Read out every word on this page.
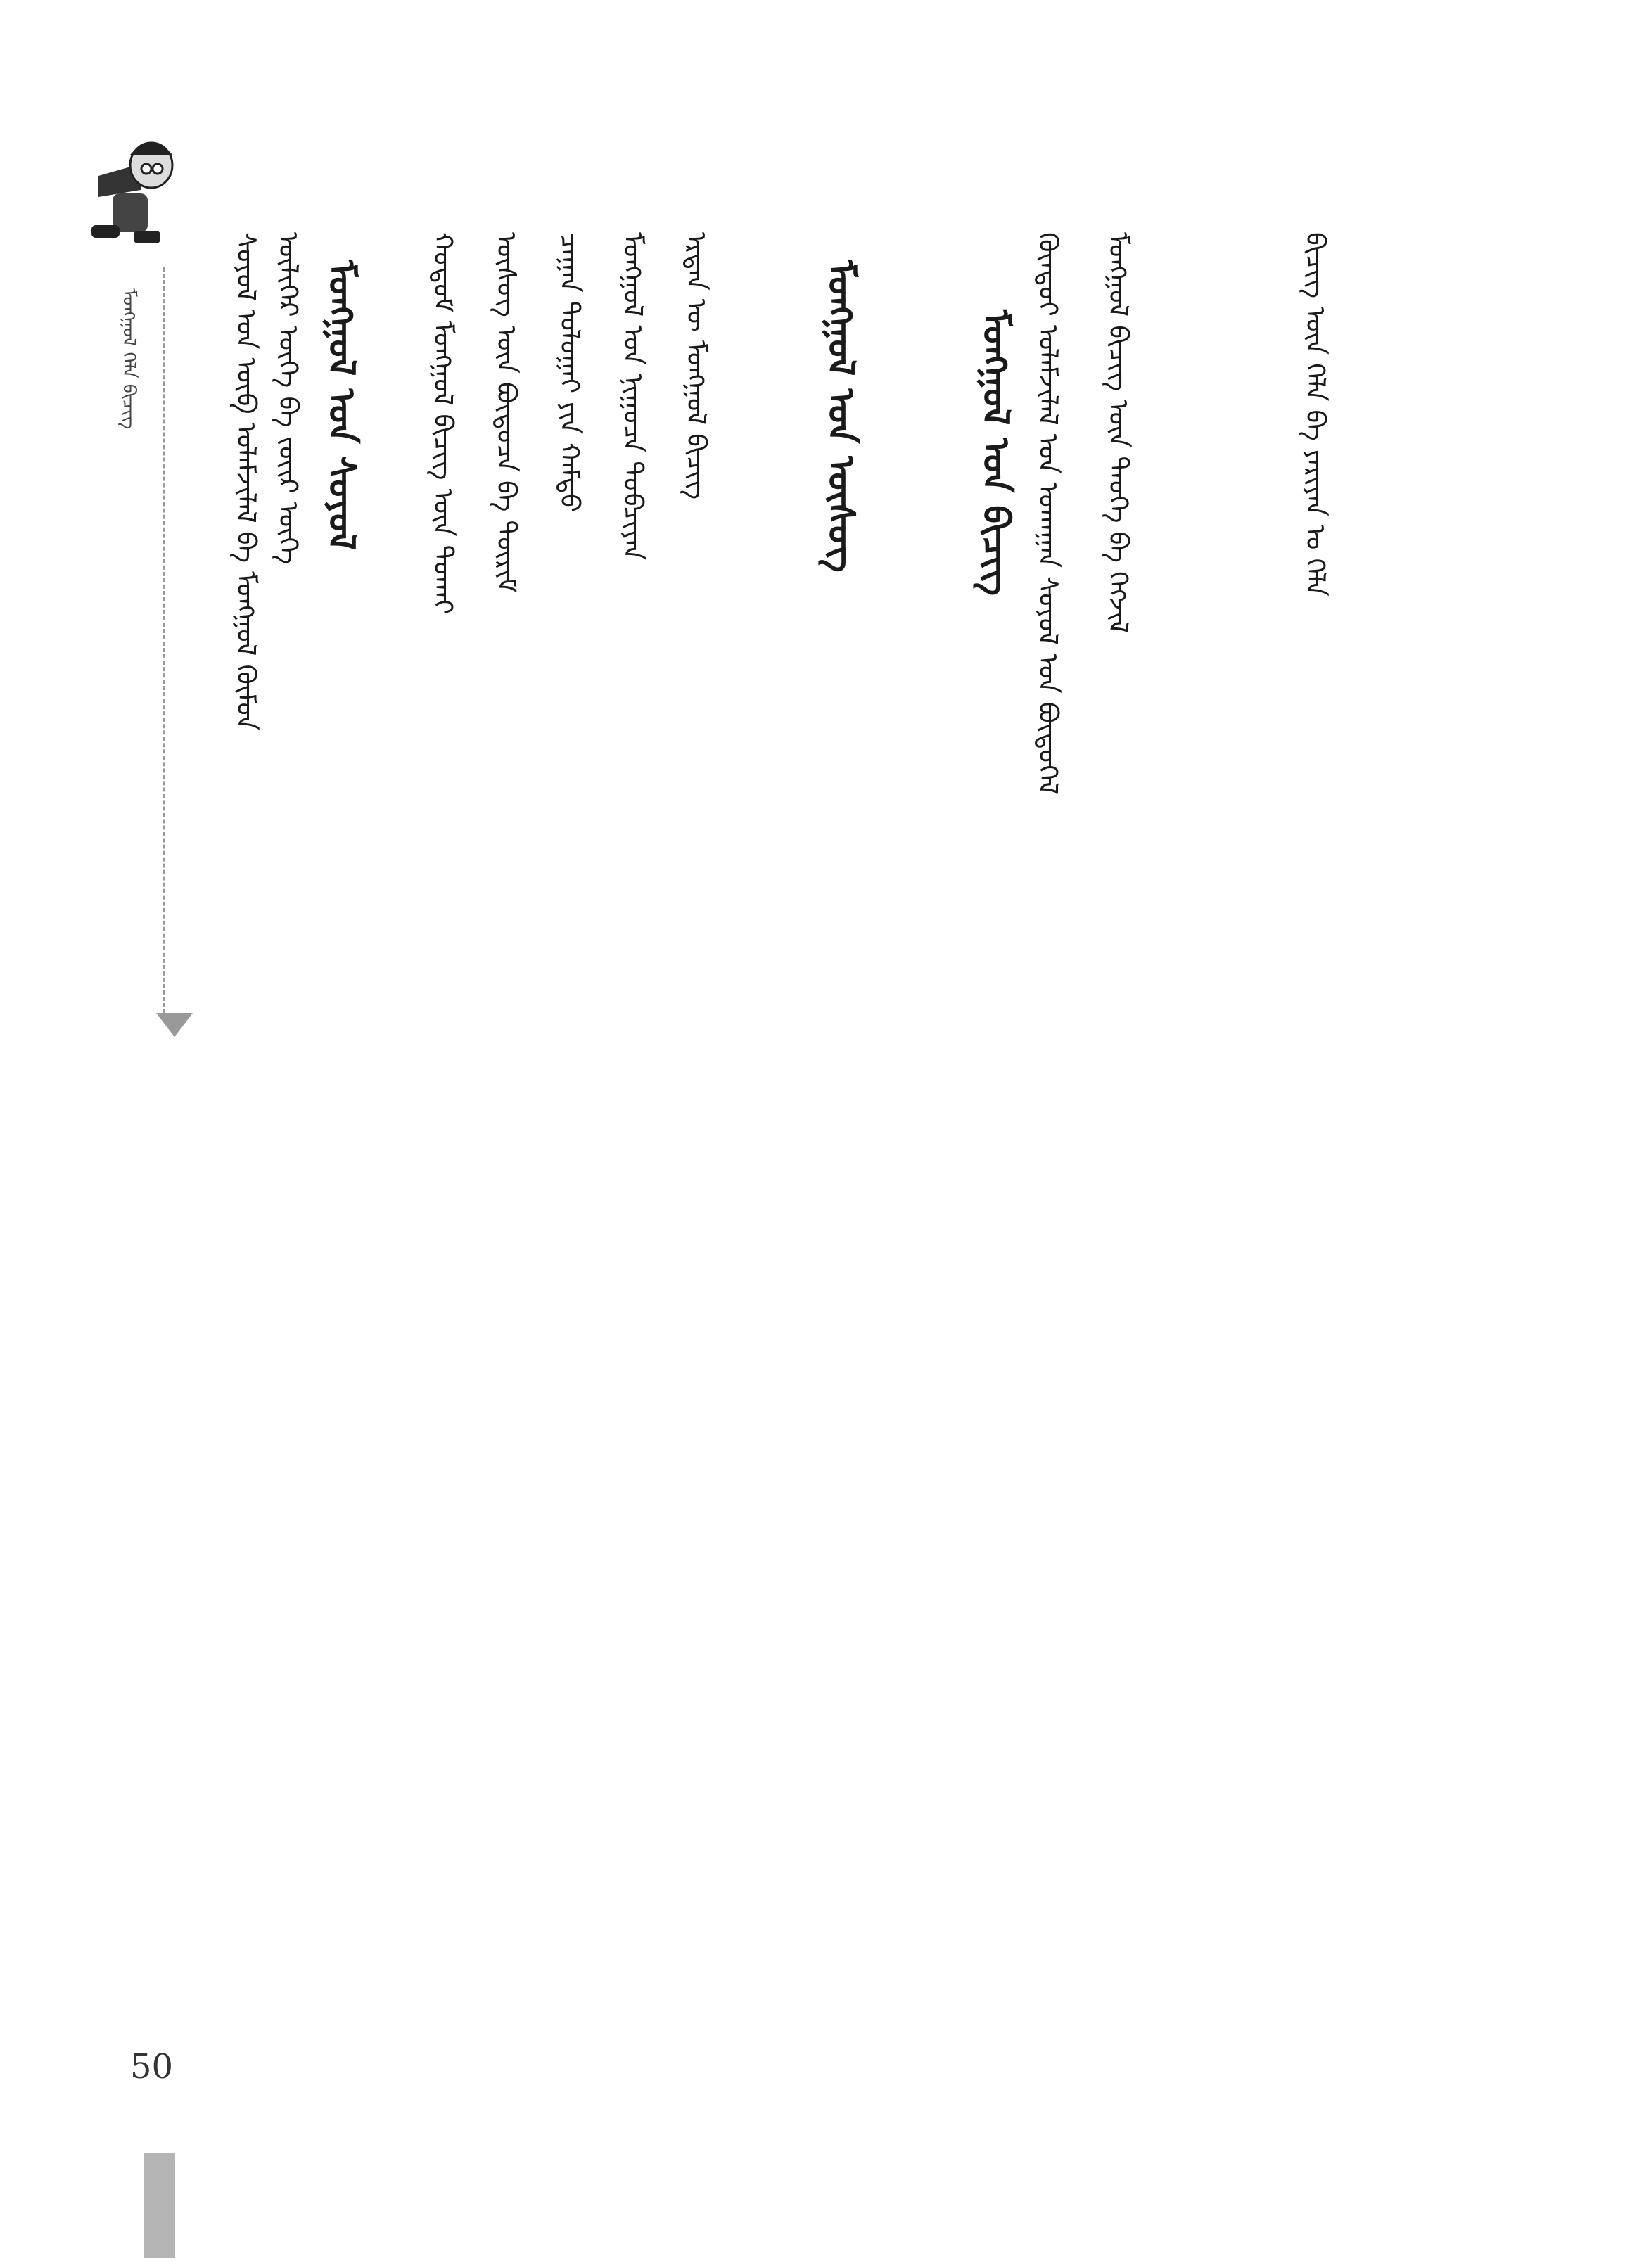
ᠮᠣᠩᠭᠣᠯ ᠬᠡᠯᠡ ᠪᠢᠴᠢᠭ	ᠮᠣᠩᠭᠣᠯ ᠤᠨ ᠰᠣᠶᠣᠯ
ᠰᠣᠶᠣᠯ ᠤᠨ ᠦᠪ ᠤᠯᠠᠮᠵᠢᠯᠠᠯ ᠪᠠ ᠮᠣᠩᠭᠣᠯ ᠬᠦᠮᠦᠨ ᠦᠯᠢᠭᠡᠷ ᠦᠭᠡ ᠪᠠ ᠵᠦᠢᠷ ᠦᠭᠡ	ᠮᠣᠩᠭᠣᠯ ᠤᠨ ᠦᠰᠦᠭ
ᠬᠤᠳᠤᠮ ᠮᠣᠩᠭᠣᠯ ᠪᠢᠴᠢᠭ ᠦᠨ ᠲᠤᠬᠠᠢ ᠦᠰᠦᠭ ᠦᠨ ᠪᠦᠲᠦᠴᠡ ᠪᠠ ᠳᠦᠷᠢᠮ ᠴᠠᠭᠠᠨ ᠲᠤᠯᠤᠭᠠᠢ ᠶᠢᠨ ᠬᠠᠮᠳᠤ ᠮᠣᠩᠭᠣᠯ ᠤᠨ ᠨᠢᠭᠤᠴᠠ ᠲᠣᠪᠴᠢᠶᠠᠨ ᠡᠷᠲᠡᠨ ᠦ ᠮᠣᠩᠭᠣᠯ ᠪᠢᠴᠢᠭ	ᠮᠣᠩᠭᠣᠯ ᠤᠨ ᠪᠢᠴᠢᠭ ᠭᠦᠨᠳᠦᠢ ᠤᠯᠠᠮᠵᠢᠯᠠᠯ ᠤᠨ ᠤᠬᠠᠭᠠᠨ ᠰᠣᠶᠣᠯ ᠤᠨ ᠪᠦᠲᠦᠭᠡᠯ ᠮᠣᠩᠭᠣᠯ ᠪᠢᠴᠢᠭ ᠦᠨ ᠲᠡᠦᠬᠡ ᠪᠠ ᠬᠡᠭᠵᠢᠯ	ᠪᠢᠴᠢᠭ ᠦᠨ ᠬᠡᠯᠡ ᠪᠠ ᠶᠠᠷᠢᠶᠠᠨ ᠤ ᠬᠡᠯᠡ
50
